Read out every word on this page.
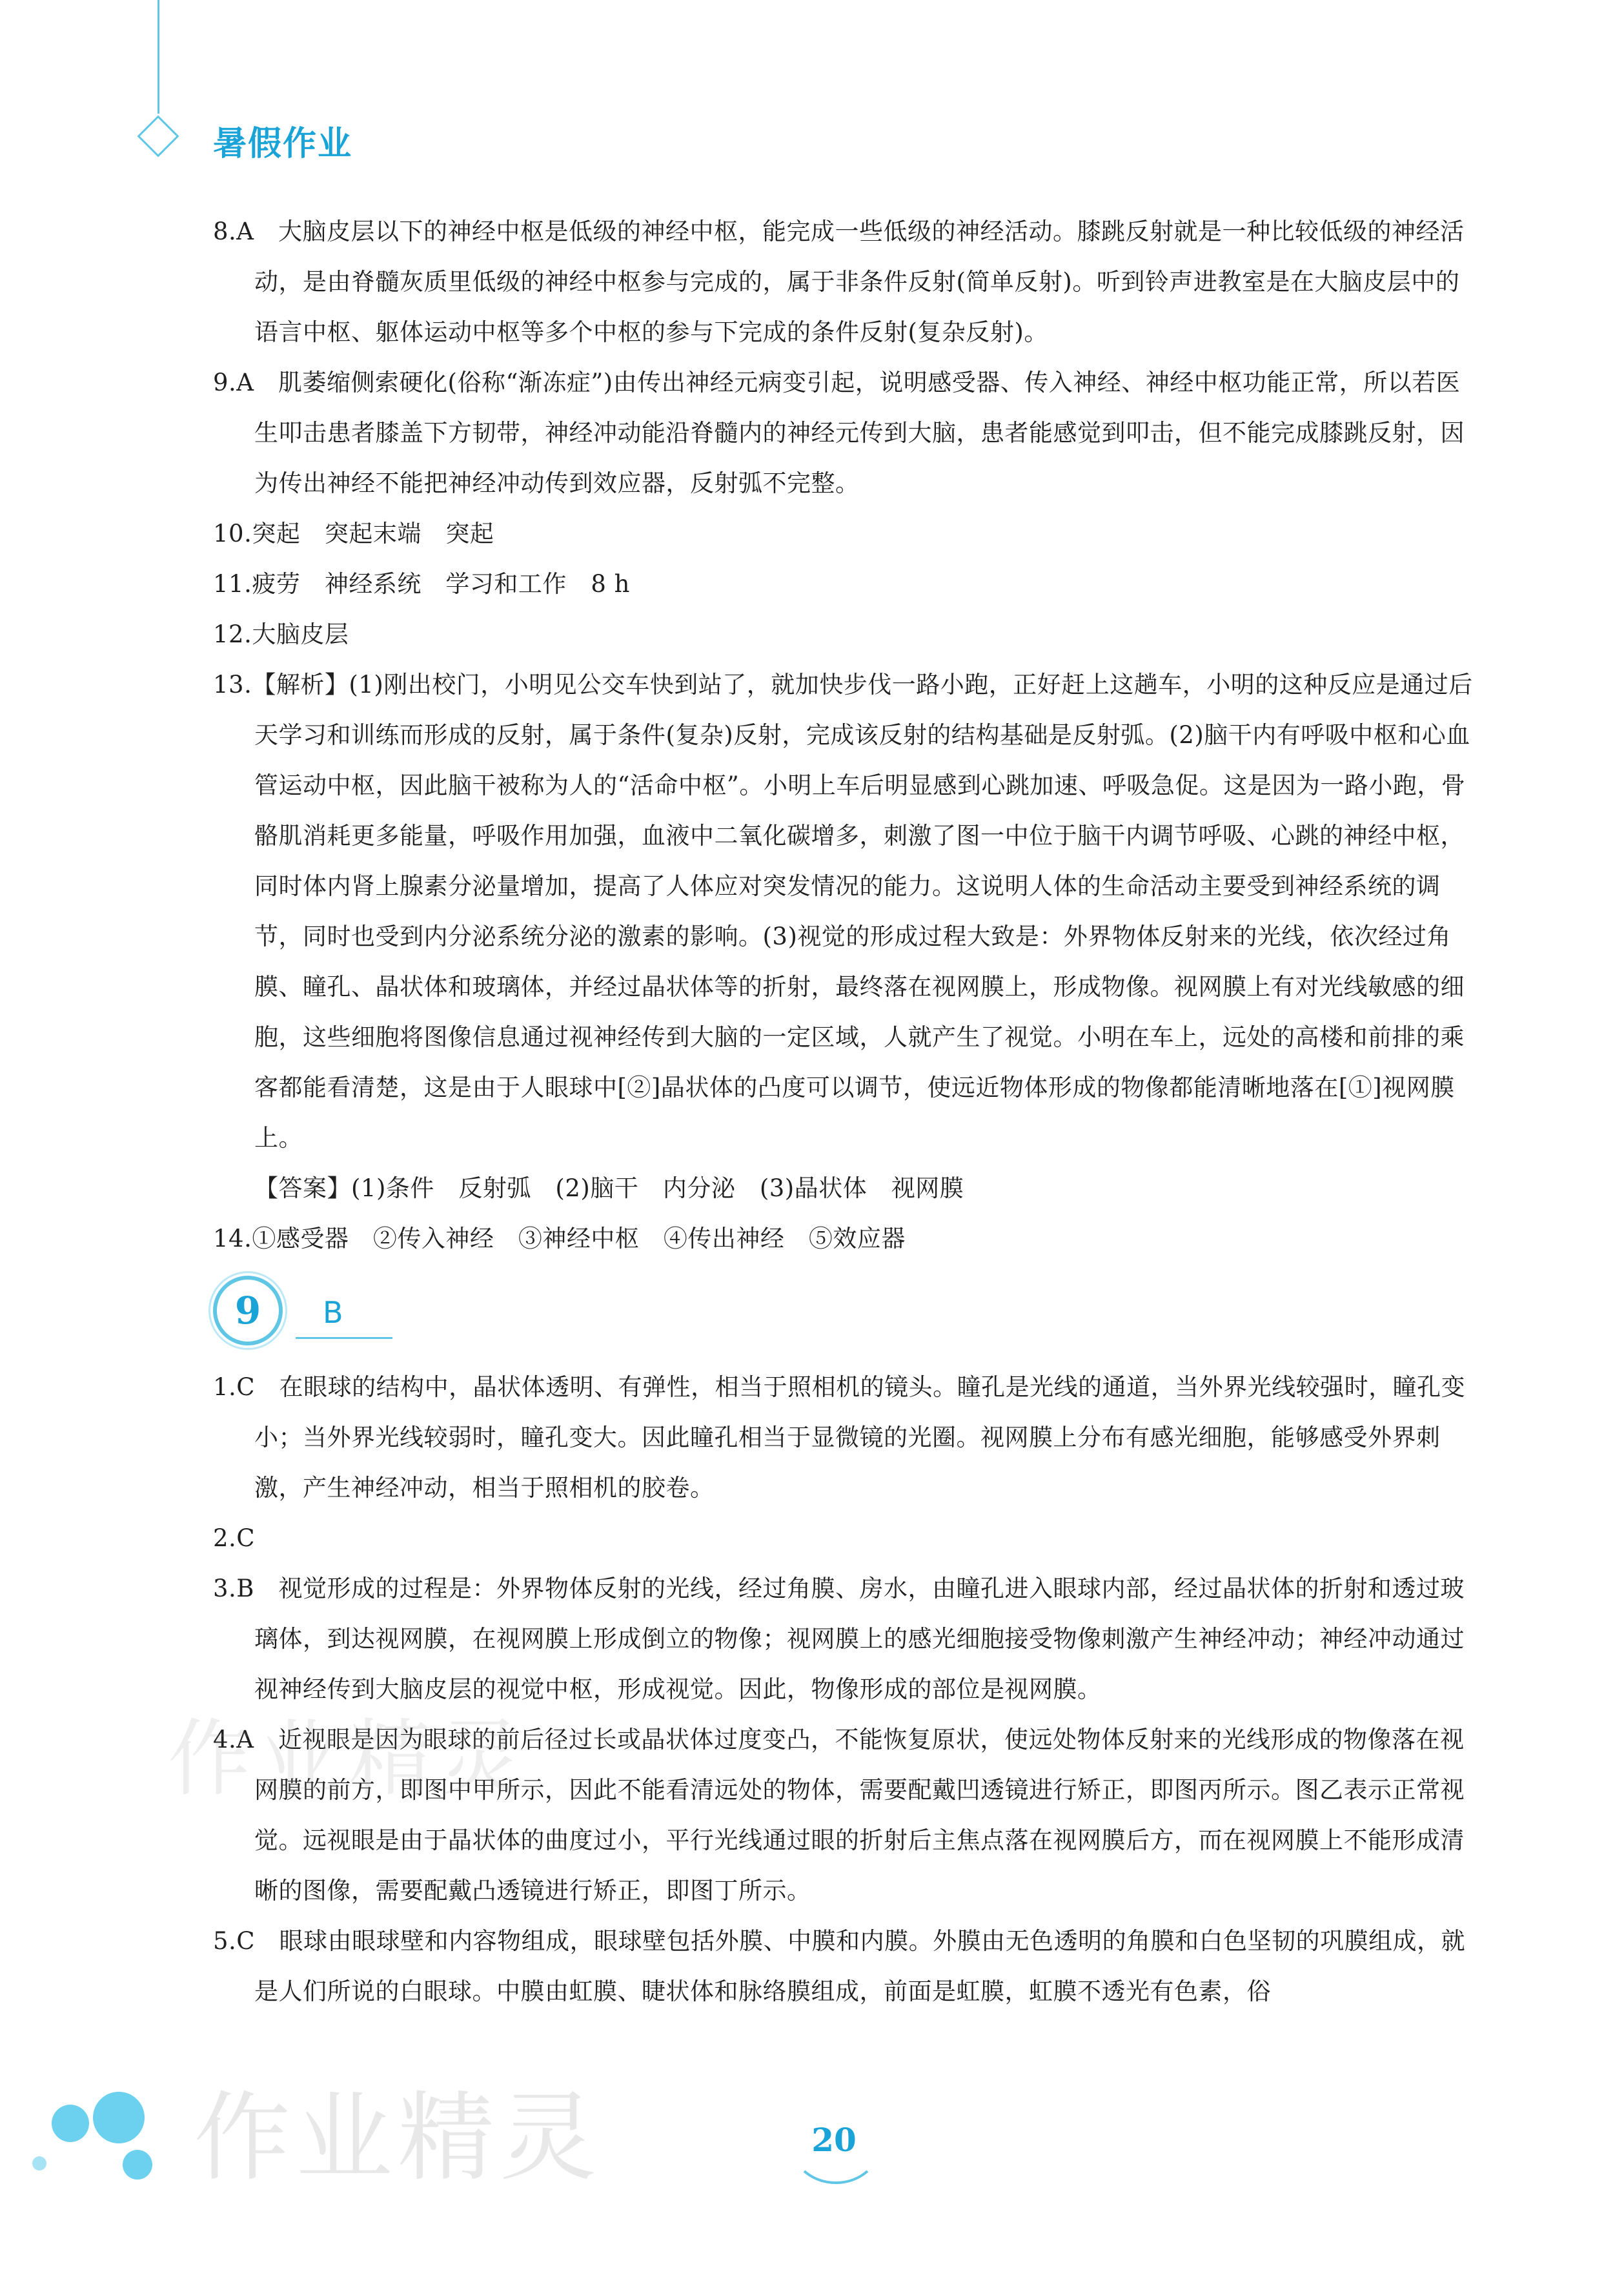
暑假作业

8.A　大脑皮层以下的神经中枢是低级的神经中枢，能完成一些低级的神经活动。膝跳反射就是一种比较低级的神经活动，是由脊髓灰质里低级的神经中枢参与完成的，属于非条件反射(简单反射)。听到铃声进教室是在大脑皮层中的语言中枢、躯体运动中枢等多个中枢的参与下完成的条件反射(复杂反射)。

9.A　肌萎缩侧索硬化(俗称“渐冻症”)由传出神经元病变引起，说明感受器、传入神经、神经中枢功能正常，所以若医生叩击患者膝盖下方韧带，神经冲动能沿脊髓内的神经元传到大脑，患者能感觉到叩击，但不能完成膝跳反射，因为传出神经不能把神经冲动传到效应器，反射弧不完整。

10.突起　突起末端　突起

11.疲劳　神经系统　学习和工作　8 h

12.大脑皮层

13.【解析】(1)刚出校门，小明见公交车快到站了，就加快步伐一路小跑，正好赶上这趟车，小明的这种反应是通过后天学习和训练而形成的反射，属于条件(复杂)反射，完成该反射的结构基础是反射弧。(2)脑干内有呼吸中枢和心血管运动中枢，因此脑干被称为人的“活命中枢”。小明上车后明显感到心跳加速、呼吸急促。这是因为一路小跑，骨骼肌消耗更多能量，呼吸作用加强，血液中二氧化碳增多，刺激了图一中位于脑干内调节呼吸、心跳的神经中枢，同时体内肾上腺素分泌量增加，提高了人体应对突发情况的能力。这说明人体的生命活动主要受到神经系统的调节，同时也受到内分泌系统分泌的激素的影响。(3)视觉的形成过程大致是：外界物体反射来的光线，依次经过角膜、瞳孔、晶状体和玻璃体，并经过晶状体等的折射，最终落在视网膜上，形成物像。视网膜上有对光线敏感的细胞，这些细胞将图像信息通过视神经传到大脑的一定区域，人就产生了视觉。小明在车上，远处的高楼和前排的乘客都能看清楚，这是由于人眼球中[②]晶状体的凸度可以调节，使远近物体形成的物像都能清晰地落在[①]视网膜上。

【答案】(1)条件　反射弧　(2)脑干　内分泌　(3)晶状体　视网膜

14.①感受器　②传入神经　③神经中枢　④传出神经　⑤效应器

9	B

1.C　在眼球的结构中，晶状体透明、有弹性，相当于照相机的镜头。瞳孔是光线的通道，当外界光线较强时，瞳孔变小；当外界光线较弱时，瞳孔变大。因此瞳孔相当于显微镜的光圈。视网膜上分布有感光细胞，能够感受外界刺激，产生神经冲动，相当于照相机的胶卷。

2.C

3.B　视觉形成的过程是：外界物体反射的光线，经过角膜、房水，由瞳孔进入眼球内部，经过晶状体的折射和透过玻璃体，到达视网膜，在视网膜上形成倒立的物像；视网膜上的感光细胞接受物像刺激产生神经冲动；神经冲动通过视神经传到大脑皮层的视觉中枢，形成视觉。因此，物像形成的部位是视网膜。

4.A　近视眼是因为眼球的前后径过长或晶状体过度变凸，不能恢复原状，使远处物体反射来的光线形成的物像落在视网膜的前方，即图中甲所示，因此不能看清远处的物体，需要配戴凹透镜进行矫正，即图丙所示。图乙表示正常视觉。远视眼是由于晶状体的曲度过小，平行光线通过眼的折射后主焦点落在视网膜后方，而在视网膜上不能形成清晰的图像，需要配戴凸透镜进行矫正，即图丁所示。

5.C　眼球由眼球壁和内容物组成，眼球壁包括外膜、中膜和内膜。外膜由无色透明的角膜和白色坚韧的巩膜组成，就是人们所说的白眼球。中膜由虹膜、睫状体和脉络膜组成，前面是虹膜，虹膜不透光有色素，俗

作业精灵
作业精灵	20
